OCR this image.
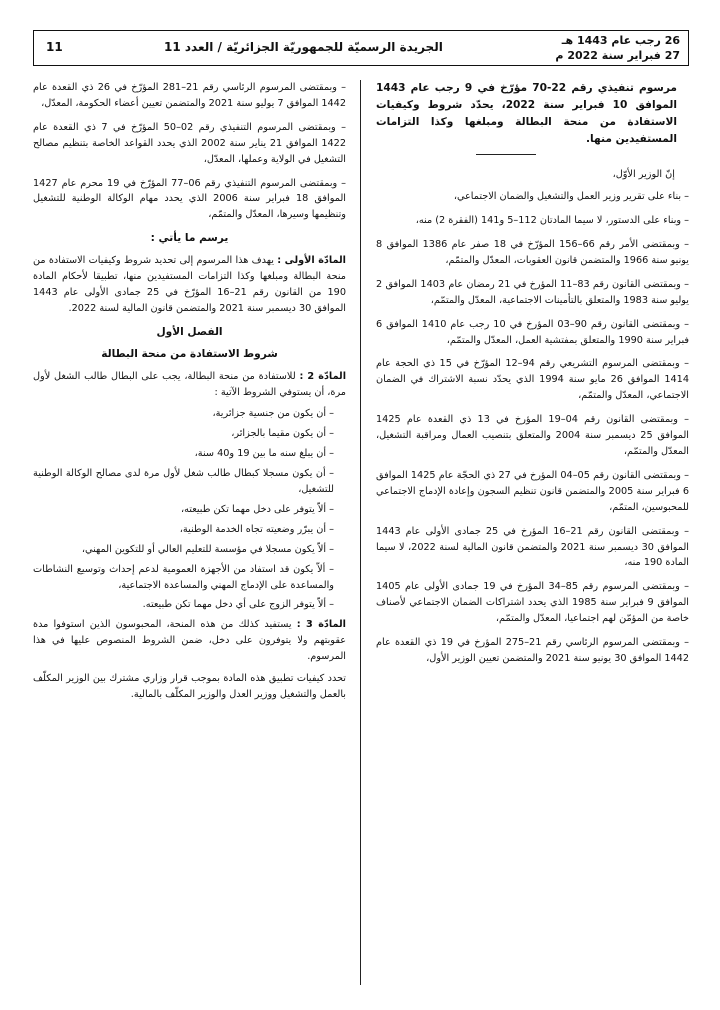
26 رجب عام 1443 هـ
27 فبراير سنة 2022 م
الجريدة الرسميّة للجمهوريّة الجزائريّة / العدد 11
11

مرسوم تنفيذي رقم 22-70 مؤرّخ في 9 رجب عام 1443 الموافق 10 فبراير سنة 2022، يحدّد شروط وكيفيات الاستفادة من منحة البطالة ومبلغها وكذا التزامات المستفيدين منها.

إنّ الوزير الأوّل،

– بناء على تقرير وزير العمل والتشغيل والضمان الاجتماعي،

– وبناء على الدستور، لا سيما المادتان 112–5 و141 (الفقرة 2) منه،

– وبمقتضى الأمر رقم 66–156 المؤرّخ في 18 صفر عام 1386 الموافق 8 يونيو سنة 1966 والمتضمن قانون العقوبات، المعدّل والمتمّم،

– وبمقتضى القانون رقم 83–11 المؤرخ في 21 رمضان عام 1403 الموافق 2 يوليو سنة 1983 والمتعلق بالتأمينات الاجتماعية، المعدّل والمتمّم،

– وبمقتضى القانون رقم 90–03 المؤرخ في 10 رجب عام 1410 الموافق 6 فبراير سنة 1990 والمتعلق بمفتشية العمل، المعدّل والمتمّم،

– وبمقتضى المرسوم التشريعي رقم 94–12 المؤرّخ في 15 ذي الحجة عام 1414 الموافق 26 مايو سنة 1994 الذي يحدّد نسبة الاشتراك في الضمان الاجتماعي، المعدّل والمتمّم،

– وبمقتضى القانون رقم 04–19 المؤرخ في 13 ذي القعدة عام 1425 الموافق 25 ديسمبر سنة 2004 والمتعلق بتنصيب العمال ومراقبة التشغيل، المعدّل والمتمّم،

– وبمقتضى القانون رقم 05–04 المؤرخ في 27 ذي الحجّة عام 1425 الموافق 6 فبراير سنة 2005 والمتضمن قانون تنظيم السجون وإعادة الإدماج الاجتماعي للمحبوسين، المتمّم،

– وبمقتضى القانون رقم 21–16 المؤرخ في 25 جمادى الأولى عام 1443 الموافق 30 ديسمبر سنة 2021 والمتضمن قانون المالية لسنة 2022، لا سيما المادة 190 منه،

– وبمقتضى المرسوم رقم 85–34 المؤرخ في 19 جمادى الأولى عام 1405 الموافق 9 فبراير سنة 1985 الذي يحدد اشتراكات الضمان الاجتماعي لأصناف خاصة من المؤمّن لهم اجتماعيا، المعدّل والمتمّم،

– وبمقتضى المرسوم الرئاسي رقم 21–275 المؤرخ في 19 ذي القعدة عام 1442 الموافق 30 يونيو سنة 2021 والمتضمن تعيين الوزير الأول،

– وبمقتضى المرسوم الرئاسي رقم 21–281 المؤرّخ في 26 ذي القعدة عام 1442 الموافق 7 يوليو سنة 2021 والمتضمن تعيين أعضاء الحكومة، المعدّل،

– وبمقتضى المرسوم التنفيذي رقم 02–50 المؤرّخ في 7 ذي القعدة عام 1422 الموافق 21 يناير سنة 2002 الذي يحدد القواعد الخاصة بتنظيم مصالح التشغيل في الولاية وعملها، المعدّل،

– وبمقتضى المرسوم التنفيذي رقم 06–77 المؤرّخ في 19 محرم عام 1427 الموافق 18 فبراير سنة 2006 الذي يحدد مهام الوكالة الوطنية للتشغيل وتنظيمها وسيرها، المعدّل والمتمّم،

يرسم ما يأتي :

المادّة الأولى : يهدف هذا المرسوم إلى تحديد شروط وكيفيات الاستفادة من منحة البطالة ومبلغها وكذا التزامات المستفيدين منها، تطبيقا لأحكام المادة 190 من القانون رقم 21–16 المؤرّخ في 25 جمادى الأولى عام 1443 الموافق 30 ديسمبر سنة 2021 والمتضمن قانون المالية لسنة 2022.

الفصل الأول

شروط الاستفادة من منحة البطالة

المادّة 2 : للاستفادة من منحة البطالة، يجب على البطال طالب الشغل لأول مرة، أن يستوفي الشروط الآتية :

– أن يكون من جنسية جزائرية،

– أن يكون مقيما بالجزائر،

– أن يبلغ سنه ما بين 19 و40 سنة،

– أن يكون مسجلا كبطال طالب شغل لأول مرة لدى مصالح الوكالة الوطنية للتشغيل،

– ألاّ يتوفر على دخل مهما تكن طبيعته،

– أن يبرّر وضعيته تجاه الخدمة الوطنية،

– ألاّ يكون مسجلا في مؤسسة للتعليم العالي أو للتكوين المهني،

– ألاّ يكون قد استفاد من الأجهزة العمومية لدعم إحداث وتوسيع النشاطات والمساعدة على الإدماج المهني والمساعدة الاجتماعية،

– ألاّ يتوفر الزوج على أي دخل مهما تكن طبيعته.

المادّة 3 : يستفيد كذلك من هذه المنحة، المحبوسون الذين استوفوا مدة عقوبتهم ولا يتوفرون على دخل، ضمن الشروط المنصوص عليها في هذا المرسوم.

تحدد كيفيات تطبيق هذه المادة بموجب قرار وزاري مشترك بين الوزير المكلّف بالعمل والتشغيل ووزير العدل والوزير المكلّف بالمالية.
